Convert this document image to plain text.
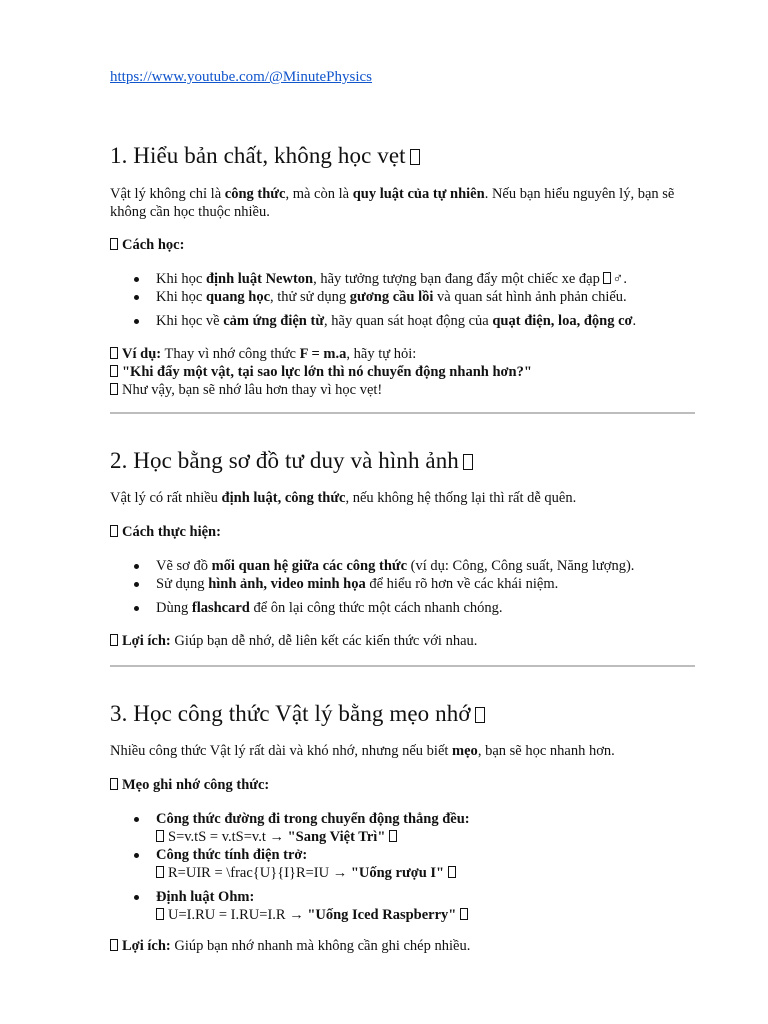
https://www.youtube.com/@MinutePhysics
1. Hiểu bản chất, không học vẹt

Vật lý không chỉ là công thức, mà còn là quy luật của tự nhiên. Nếu bạn hiểu nguyên lý, bạn sẽ không cần học thuộc nhiều.

Cách học:

Khi học định luật Newton, hãy tưởng tượng bạn đang đẩy một chiếc xe đạp ♂.
Khi học quang học, thử sử dụng gương cầu lồi và quan sát hình ảnh phản chiếu.
Khi học về cảm ứng điện từ, hãy quan sát hoạt động của quạt điện, loa, động cơ.

Ví dụ: Thay vì nhớ công thức F = m.a, hãy tự hỏi:

"Khi đẩy một vật, tại sao lực lớn thì nó chuyển động nhanh hơn?"

Như vậy, bạn sẽ nhớ lâu hơn thay vì học vẹt!

2. Học bằng sơ đồ tư duy và hình ảnh

Vật lý có rất nhiều định luật, công thức, nếu không hệ thống lại thì rất dễ quên.

Cách thực hiện:

Vẽ sơ đồ mối quan hệ giữa các công thức (ví dụ: Công, Công suất, Năng lượng).
Sử dụng hình ảnh, video minh họa để hiểu rõ hơn về các khái niệm.
Dùng flashcard để ôn lại công thức một cách nhanh chóng.

Lợi ích: Giúp bạn dễ nhớ, dễ liên kết các kiến thức với nhau.

3. Học công thức Vật lý bằng mẹo nhớ

Nhiều công thức Vật lý rất dài và khó nhớ, nhưng nếu biết mẹo, bạn sẽ học nhanh hơn.

Mẹo ghi nhớ công thức:

Công thức đường đi trong chuyển động thẳng đều:
S=v.tS = v.tS=v.t → "Sang Việt Trì"
Công thức tính điện trở:
R=UIR = \frac{U}{I}R=IU → "Uống rượu I"
Định luật Ohm:
U=I.RU = I.RU=I.R → "Uống Iced Raspberry"

Lợi ích: Giúp bạn nhớ nhanh mà không cần ghi chép nhiều.
